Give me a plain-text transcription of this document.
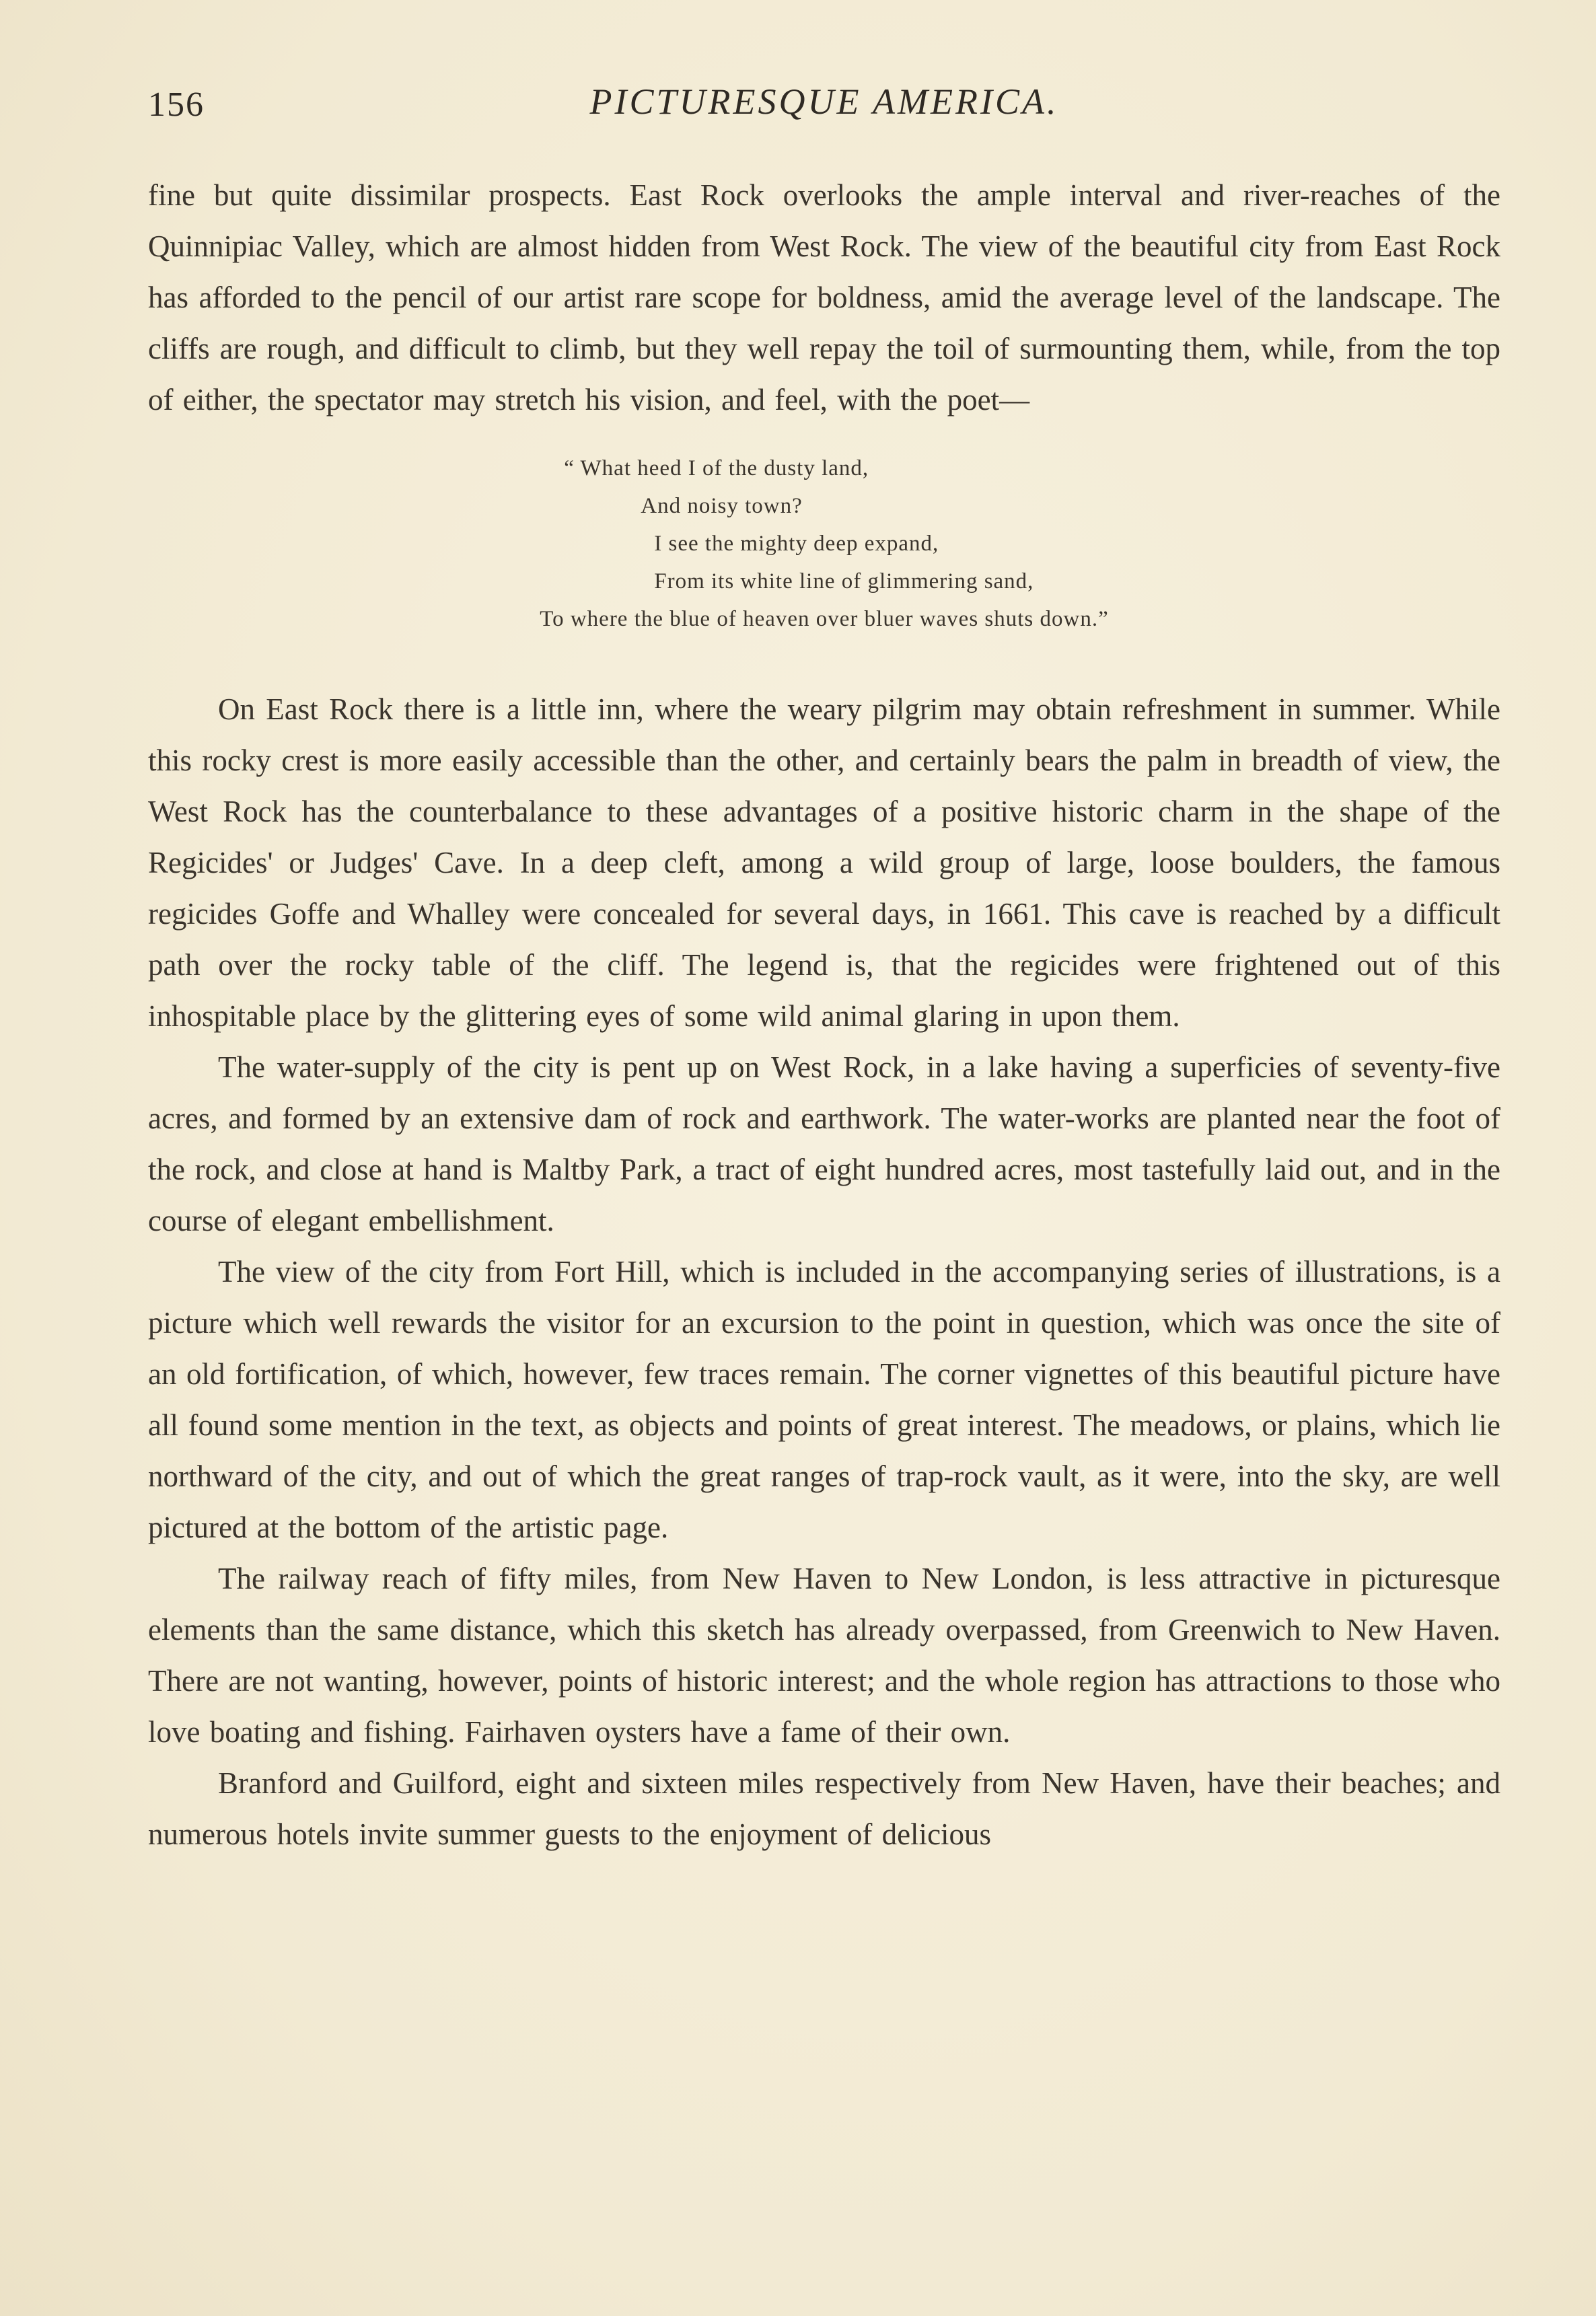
156	PICTURESQUE AMERICA.

fine but quite dissimilar prospects. East Rock overlooks the ample interval and river-reaches of the Quinnipiac Valley, which are almost hidden from West Rock. The view of the beautiful city from East Rock has afforded to the pencil of our artist rare scope for boldness, amid the average level of the landscape. The cliffs are rough, and difficult to climb, but they well repay the toil of surmounting them, while, from the top of either, the spectator may stretch his vision, and feel, with the poet—

“ What heed I of the dusty land,
And noisy town?
I see the mighty deep expand,
From its white line of glimmering sand,
To where the blue of heaven over bluer waves shuts down.”

On East Rock there is a little inn, where the weary pilgrim may obtain refreshment in summer. While this rocky crest is more easily accessible than the other, and certainly bears the palm in breadth of view, the West Rock has the counterbalance to these advantages of a positive historic charm in the shape of the Regicides' or Judges' Cave. In a deep cleft, among a wild group of large, loose boulders, the famous regicides Goffe and Whalley were concealed for several days, in 1661. This cave is reached by a difficult path over the rocky table of the cliff. The legend is, that the regicides were frightened out of this inhospitable place by the glittering eyes of some wild animal glaring in upon them.

The water-supply of the city is pent up on West Rock, in a lake having a superficies of seventy-five acres, and formed by an extensive dam of rock and earthwork. The water-works are planted near the foot of the rock, and close at hand is Maltby Park, a tract of eight hundred acres, most tastefully laid out, and in the course of elegant embellishment.

The view of the city from Fort Hill, which is included in the accompanying series of illustrations, is a picture which well rewards the visitor for an excursion to the point in question, which was once the site of an old fortification, of which, however, few traces remain. The corner vignettes of this beautiful picture have all found some mention in the text, as objects and points of great interest. The meadows, or plains, which lie northward of the city, and out of which the great ranges of trap-rock vault, as it were, into the sky, are well pictured at the bottom of the artistic page.

The railway reach of fifty miles, from New Haven to New London, is less attractive in picturesque elements than the same distance, which this sketch has already overpassed, from Greenwich to New Haven. There are not wanting, however, points of historic interest; and the whole region has attractions to those who love boating and fishing. Fairhaven oysters have a fame of their own.

Branford and Guilford, eight and sixteen miles respectively from New Haven, have their beaches; and numerous hotels invite summer guests to the enjoyment of delicious
